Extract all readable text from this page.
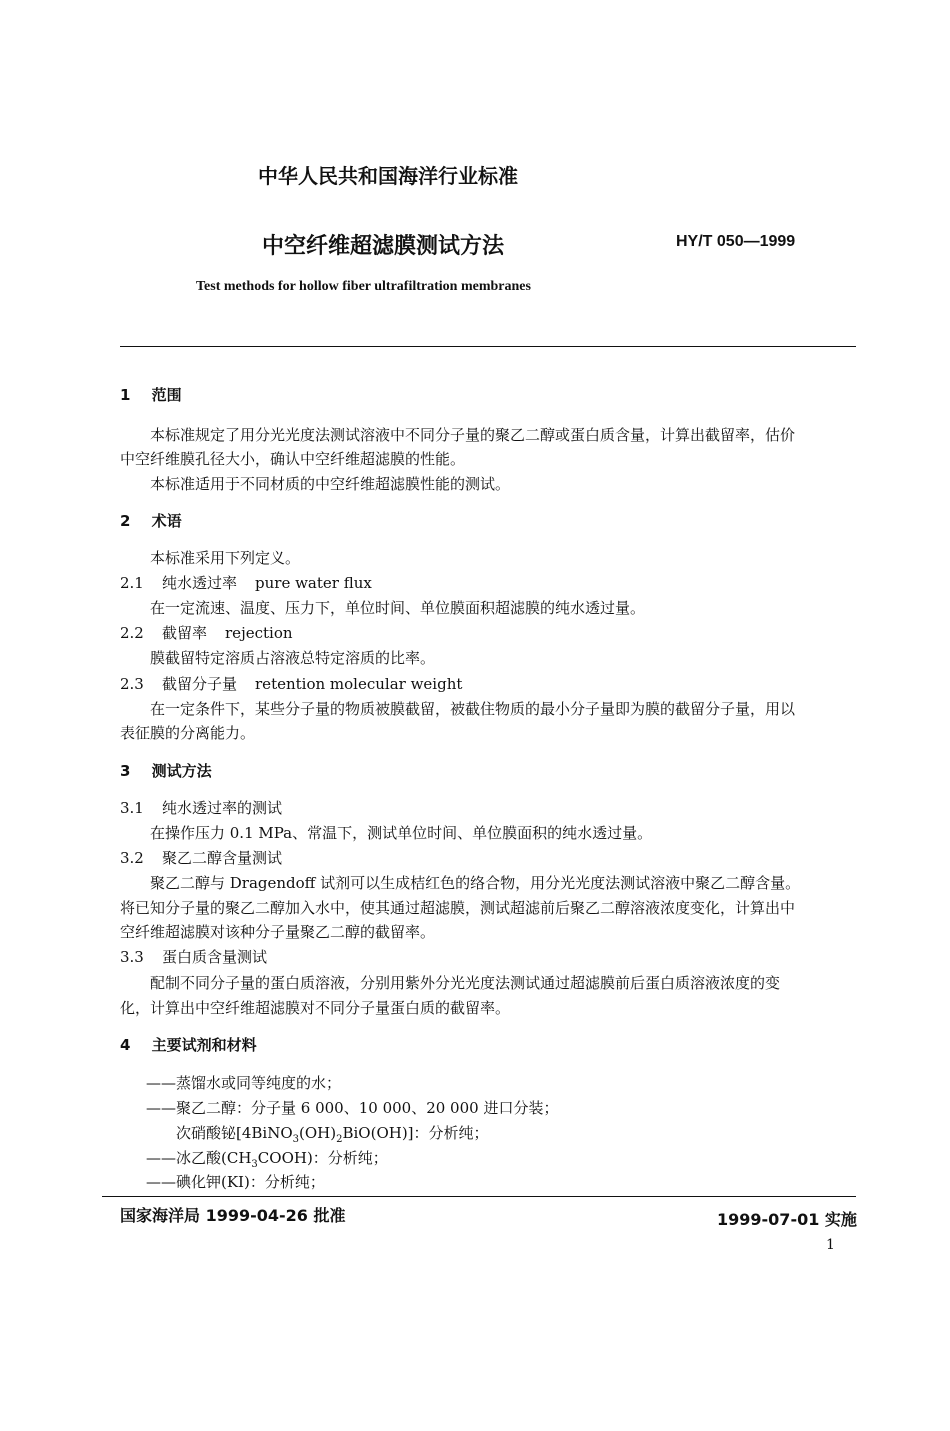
中华人民共和国海洋行业标准
中空纤维超滤膜测试方法	HY/T 050—1999
Test methods for hollow fiber ultrafiltration membranes
1 范围
本标准规定了用分光光度法测试溶液中不同分子量的聚乙二醇或蛋白质含量，计算出截留率，估价
中空纤维膜孔径大小，确认中空纤维超滤膜的性能。
本标准适用于不同材质的中空纤维超滤膜性能的测试。
2 术语
本标准采用下列定义。
2.1 纯水透过率 pure water flux
在一定流速、温度、压力下，单位时间、单位膜面积超滤膜的纯水透过量。
2.2 截留率 rejection
膜截留特定溶质占溶液总特定溶质的比率。
2.3 截留分子量 retention molecular weight
在一定条件下，某些分子量的物质被膜截留，被截住物质的最小分子量即为膜的截留分子量，用以
表征膜的分离能力。
3 测试方法
3.1 纯水透过率的测试
在操作压力 0.1 MPa、常温下，测试单位时间、单位膜面积的纯水透过量。
3.2 聚乙二醇含量测试
聚乙二醇与 Dragendoff 试剂可以生成桔红色的络合物，用分光光度法测试溶液中聚乙二醇含量。
将已知分子量的聚乙二醇加入水中，使其通过超滤膜，测试超滤前后聚乙二醇溶液浓度变化，计算出中
空纤维超滤膜对该种分子量聚乙二醇的截留率。
3.3 蛋白质含量测试
配制不同分子量的蛋白质溶液，分别用紫外分光光度法测试通过超滤膜前后蛋白质溶液浓度的变
化，计算出中空纤维超滤膜对不同分子量蛋白质的截留率。
4 主要试剂和材料
——蒸馏水或同等纯度的水；
——聚乙二醇：分子量 6 000、10 000、20 000 进口分装；
次硝酸铋$[4BiNO_3(OH)_2BiO(OH)]$：分析纯；
——冰乙酸$(CH_3COOH)$：分析纯；
——碘化钾(KI)：分析纯；
国家海洋局 1999-04-26 批准	1999-07-01 实施
1
